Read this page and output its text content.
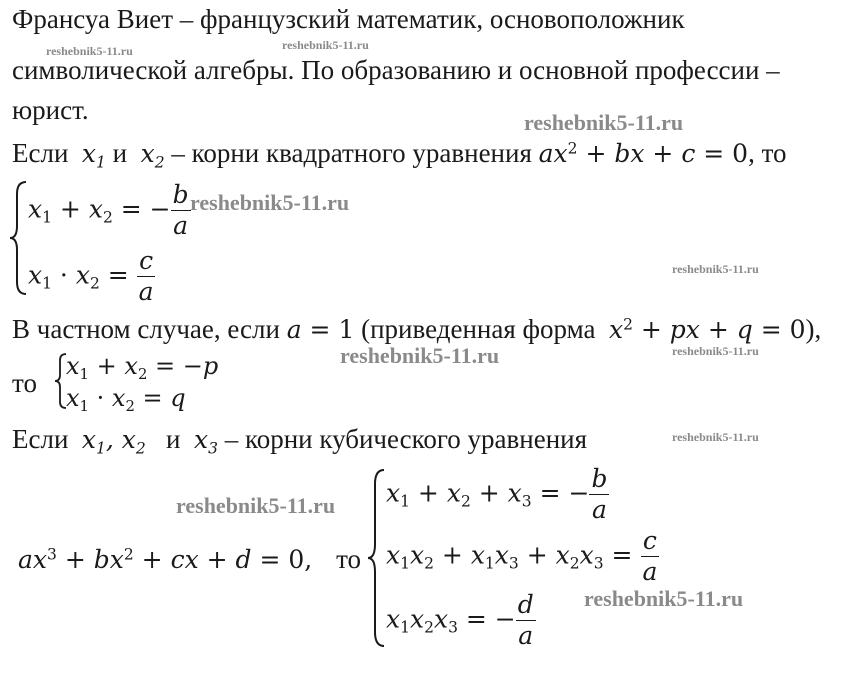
Франсуа Виет – французский математик, основоположник
символической алгебры. По образованию и основной профессии –
юрист.
Если $x_1$ и $x_2$ – корни квадратного уравнения $ax^2$ + bx + c = 0, то
$x_1 + x_2$ = − $\frac{b}{a}$
$x_1 \cdot x_2 = \frac{c}{a}$
В частном случае, если a = 1 (приведенная форма $x^2$ + px + q = 0),
то
$x_1 + x_2 = -p$
$x_1 \cdot x_2 = q$
Если $x_1$, $x_2$ и $x_3$ – корни кубического уравнения
$ax^3 + bx^2$ + cx + d = 0,   то
$x_1 + x_2 + x_3$ = − $\frac{b}{a}$
$x_1x_2 + x_1x_3 + x_2x_3 = \frac{c}{a}$
$x_1x_2x_3$ = − $\frac{d}{a}$
reshebnik5-11.ru	reshebnik5-11.ru
reshebnik5-11.ru
reshebnik5-11.ru
reshebnik5-11.ru
reshebnik5-11.ru	reshebnik5-11.ru
reshebnik5-11.ru
reshebnik5-11.ru
reshebnik5-11.ru
